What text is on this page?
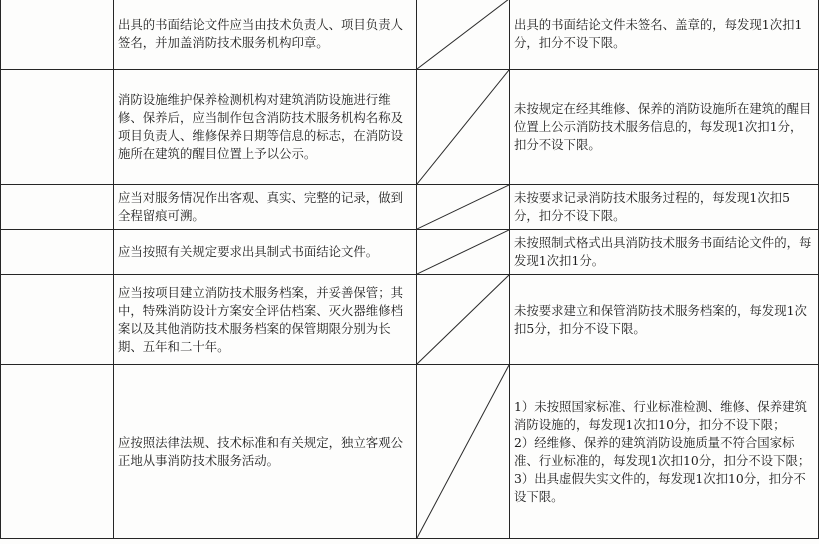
	出具的书面结论文件应当由技术负责人、项目负责人签名，并加盖消防技术服务机构印章。		出具的书面结论文件未签名、盖章的，每发现1次扣1分，扣分不设下限。
	消防设施维护保养检测机构对建筑消防设施进行维修、保养后，应当制作包含消防技术服务机构名称及项目负责人、维修保养日期等信息的标志，在消防设施所在建筑的醒目位置上予以公示。		未按规定在经其维修、保养的消防设施所在建筑的醒目位置上公示消防技术服务信息的，每发现1次扣1分，扣分不设下限。
	应当对服务情况作出客观、真实、完整的记录，做到全程留痕可溯。		未按要求记录消防技术服务过程的，每发现1次扣5分，扣分不设下限。
	应当按照有关规定要求出具制式书面结论文件。		未按照制式格式出具消防技术服务书面结论文件的，每发现1次扣1分。
	应当按项目建立消防技术服务档案，并妥善保管；其中，特殊消防设计方案安全评估档案、灭火器维修档案以及其他消防技术服务档案的保管期限分别为长期、五年和二十年。		未按要求建立和保管消防技术服务档案的，每发现1次扣5分，扣分不设下限。
	应按照法律法规、技术标准和有关规定，独立客观公正地从事消防技术服务活动。		1）未按照国家标准、行业标准检测、维修、保养建筑消防设施的，每发现1次扣10分，扣分不设下限；
2）经维修、保养的建筑消防设施质量不符合国家标准、行业标准的，每发现1次扣10分，扣分不设下限；
3）出具虚假失实文件的，每发现1次扣10分，扣分不设下限。
